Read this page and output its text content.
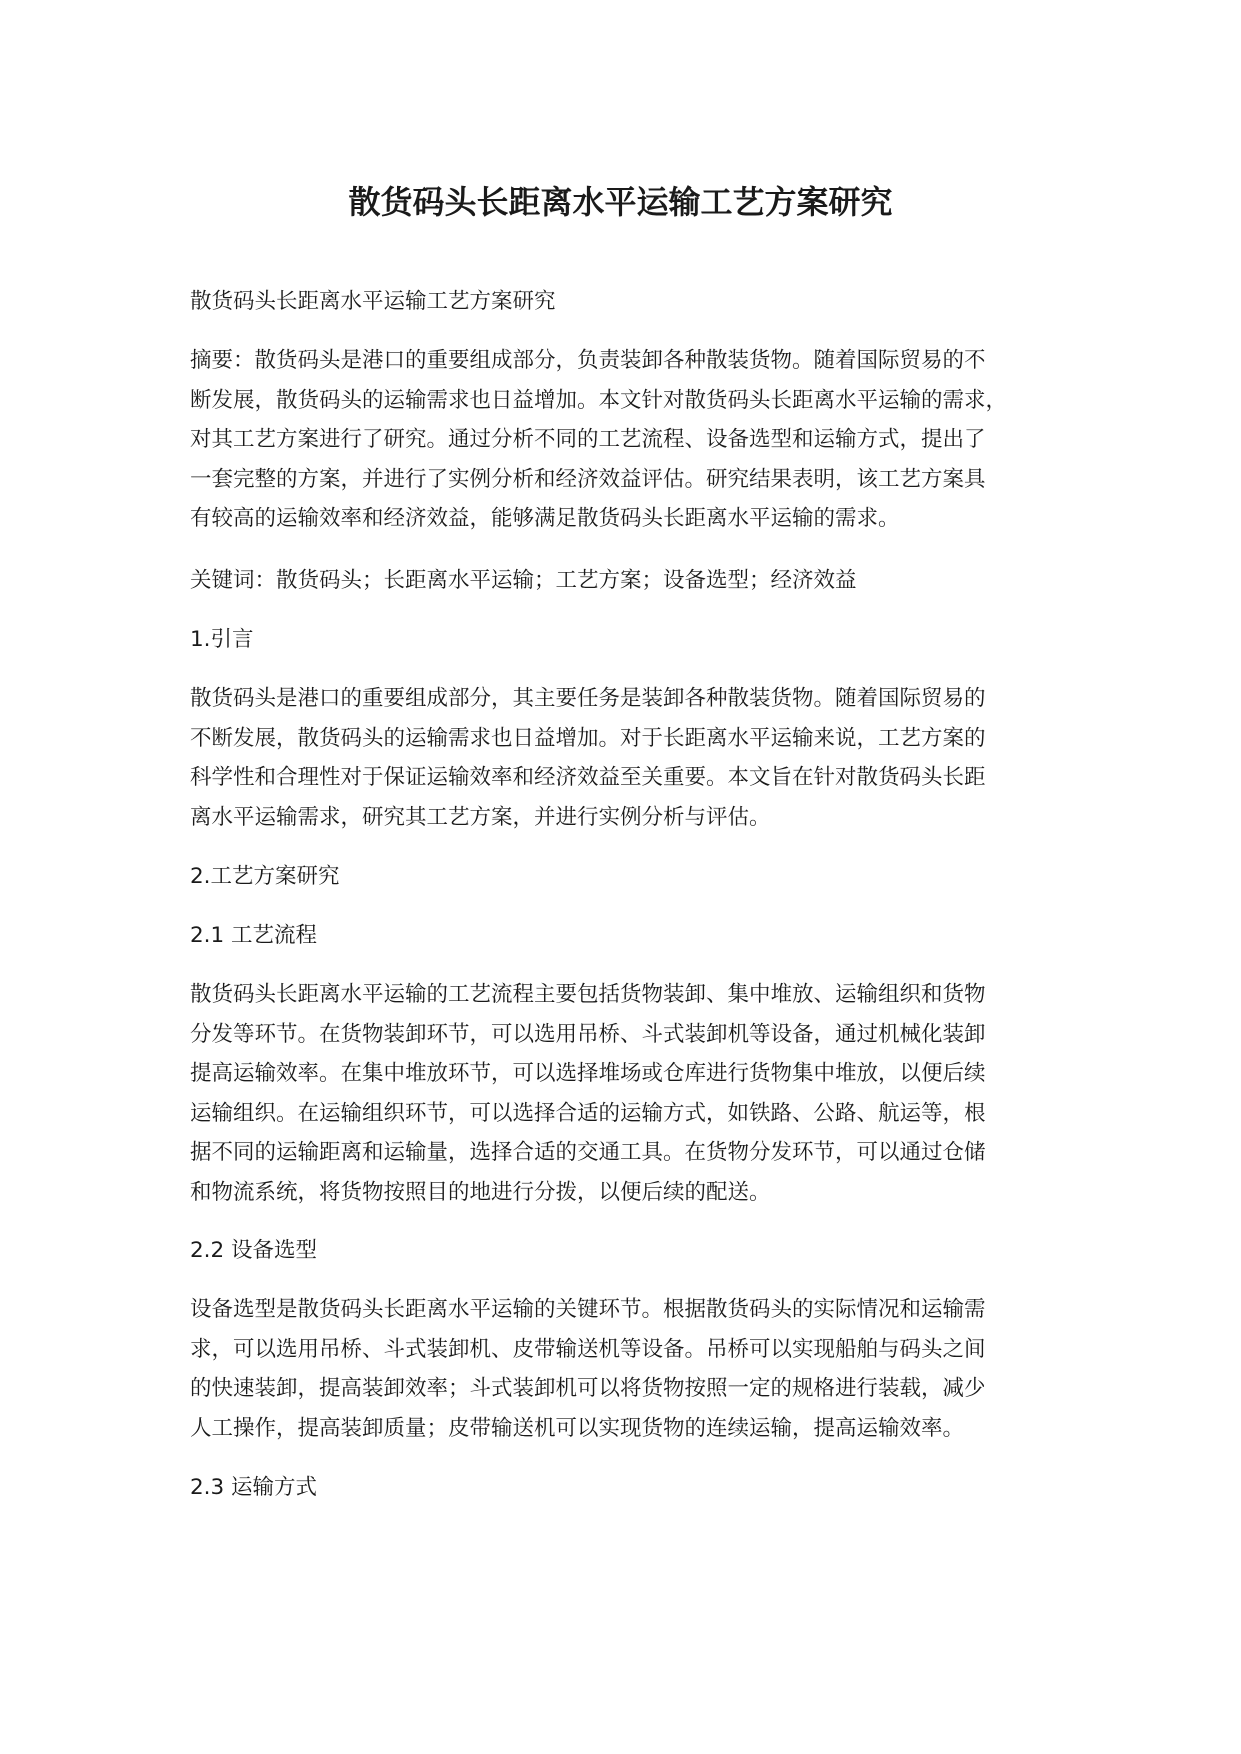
散货码头长距离水平运输工艺方案研究

散货码头长距离水平运输工艺方案研究

摘要：散货码头是港口的重要组成部分，负责装卸各种散装货物。随着国际贸易的不
断发展，散货码头的运输需求也日益增加。本文针对散货码头长距离水平运输的需求，
对其工艺方案进行了研究。通过分析不同的工艺流程、设备选型和运输方式，提出了
一套完整的方案，并进行了实例分析和经济效益评估。研究结果表明，该工艺方案具
有较高的运输效率和经济效益，能够满足散货码头长距离水平运输的需求。

关键词：散货码头；长距离水平运输；工艺方案；设备选型；经济效益

1.引言

散货码头是港口的重要组成部分，其主要任务是装卸各种散装货物。随着国际贸易的
不断发展，散货码头的运输需求也日益增加。对于长距离水平运输来说，工艺方案的
科学性和合理性对于保证运输效率和经济效益至关重要。本文旨在针对散货码头长距
离水平运输需求，研究其工艺方案，并进行实例分析与评估。

2.工艺方案研究

2.1 工艺流程

散货码头长距离水平运输的工艺流程主要包括货物装卸、集中堆放、运输组织和货物
分发等环节。在货物装卸环节，可以选用吊桥、斗式装卸机等设备，通过机械化装卸
提高运输效率。在集中堆放环节，可以选择堆场或仓库进行货物集中堆放，以便后续
运输组织。在运输组织环节，可以选择合适的运输方式，如铁路、公路、航运等，根
据不同的运输距离和运输量，选择合适的交通工具。在货物分发环节，可以通过仓储
和物流系统，将货物按照目的地进行分拨，以便后续的配送。

2.2 设备选型

设备选型是散货码头长距离水平运输的关键环节。根据散货码头的实际情况和运输需
求，可以选用吊桥、斗式装卸机、皮带输送机等设备。吊桥可以实现船舶与码头之间
的快速装卸，提高装卸效率；斗式装卸机可以将货物按照一定的规格进行装载，减少
人工操作，提高装卸质量；皮带输送机可以实现货物的连续运输，提高运输效率。

2.3 运输方式
